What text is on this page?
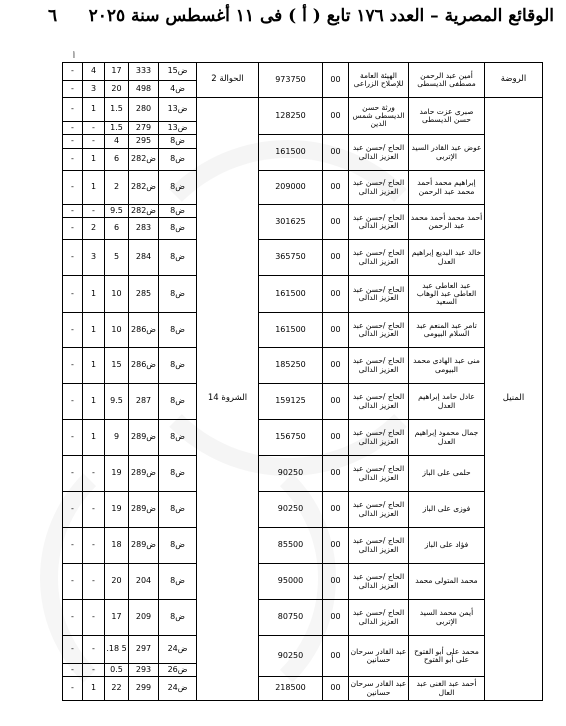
الوقائع المصرية – العدد ١٧٦ تابع ( أ ) فى ١١ أغسطس سنة ٢٠٢٥
٦
أ
-	4	17	333	ض15	الحوالة 2	973750	00	الهيئة العامة للإصلاح الزراعى	أمين عبد الرحمن مصطفى الديسطى	الروضة
-	3	20	498	ض4						
-	1	1.5	280	ض13	الشروة 14	128250	00	ورثة حسن الديسطى شمس الدين	صبرى عزت حامد حسن الديسطى	المنيل
-	-	1.5	279	ض13						
-	-	4	295	ض8		161500	00	الحاج /حسن عبد العزيز الدالى	عوض عبد القادر السيد الإتربى	
-	1	6	ض282	ض8						
-	1	2	ض282	ض8		209000	00	الحاج /حسن عبد العزيز الدالى	إبراهيم محمد أحمد محمد عبد الرحمن	
-	-	9.5	ض282	ض8		301625	00	الحاج /حسن عبد العزيز الدالى	أحمد محمد أحمد محمد عبد الرحمن	
-	2	6	283	ض8						
-	3	5	284	ض8		365750	00	الحاج /حسن عبد العزيز الدالى	خالد عبد البديع إبراهيم العدل	
-	1	10	285	ض8		161500	00	الحاج /حسن عبد العزيز الدالى	عبد العاطى عبد العاطى عبد الوهاب السعيد	
-	1	10	ض286	ض8		161500	00	الحاج /حسن عبد العزيز الدالى	تامر عبد المنعم عبد السلام البيومى	
-	1	15	ض286	ض8		185250	00	الحاج /حسن عبد العزيز الدالى	منى عبد الهادى محمد البيومى	
-	1	9.5	287	ض8		159125	00	الحاج /حسن عبد العزيز الدالى	عادل حامد إبراهيم العدل	
-	1	9	ض289	ض8		156750	00	الحاج /حسن عبد العزيز الدالى	جمال محمود إبراهيم العدل	
-	-	19	ض289	ض8		90250	00	الحاج /حسن عبد العزيز الدالى	حلمى على الباز	
-	-	19	ض289	ض8		90250	00	الحاج /حسن عبد العزيز الدالى	فوزى على الباز	
-	-	18	ض289	ض8		85500	00	الحاج /حسن عبد العزيز الدالى	فؤاد على الباز	
-	-	20	204	ض8		95000	00	الحاج /حسن عبد العزيز الدالى	محمد المتولى محمد	
-	-	17	209	ض8		80750	00	الحاج /حسن عبد العزيز الدالى	أيمن محمد السيد الإتربى	
-	-	.18 5	297	ض24		90250	00	عبد القادر سرحان حسانين	محمد على أبو الفتوح على أبو الفتوح	
-	-	0.5	293	ض26						
-	1	22	299	ض24		218500	00	عبد القادر سرحان حسانين	أحمد عبد الغنى عبد العال	
